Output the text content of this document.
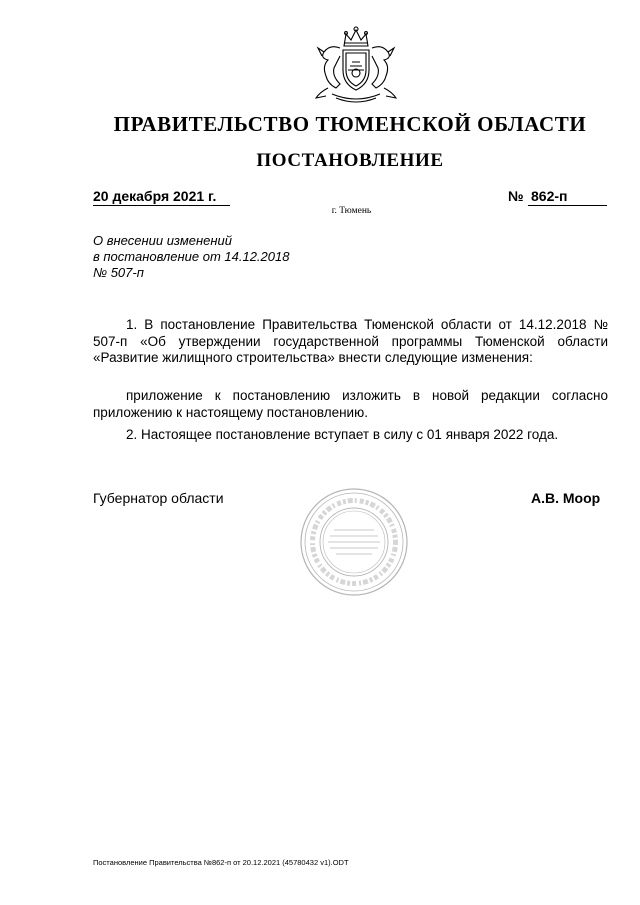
ПРАВИТЕЛЬСТВО ТЮМЕНСКОЙ ОБЛАСТИ
ПОСТАНОВЛЕНИЕ
20 декабря 2021 г.	№ 862-п
г. Тюмень
О внесении изменений
в постановление от 14.12.2018
№ 507-п
1. В постановление Правительства Тюменской области от 14.12.2018 № 507-п «Об утверждении государственной программы Тюменской области «Развитие жилищного строительства» внести следующие изменения:
приложение к постановлению изложить в новой редакции согласно приложению к настоящему постановлению.
2. Настоящее постановление вступает в силу с 01 января 2022 года.
Губернатор области	А.В. Моор
Постановление Правительства №862-п от 20.12.2021 (45780432 v1).ODT
